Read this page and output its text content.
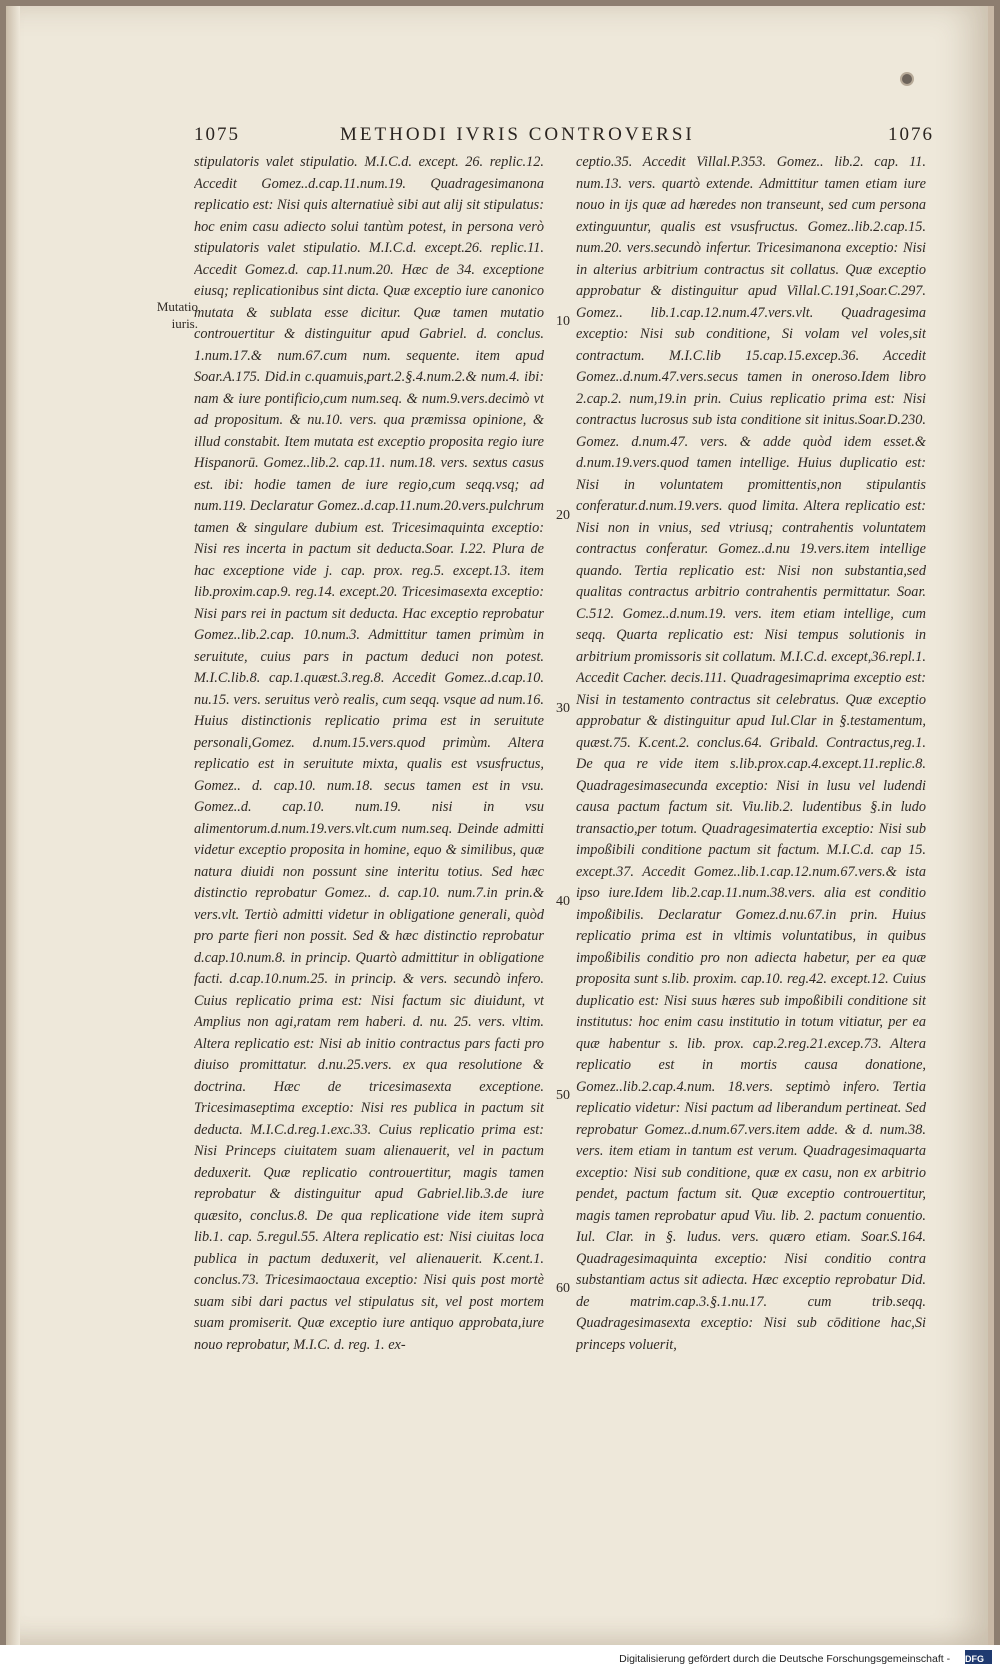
1075	METHODI IVRIS CONTROVERSI	1076
Mutatio iuris.
stipulatoris valet stipulatio. M.I.C.d. except. 26. replic.12. Accedit Gomez..d.cap.11.num.19. Quadragesimanona replicatio est: Nisi quis alternatiuè sibi aut alij sit stipulatus: hoc enim casu adiecto solui tantùm potest, in persona verò stipulatoris valet stipulatio. M.I.C.d. except.26. replic.11. Accedit Gomez.d. cap.11.num.20. Hæc de 34. exceptione eiusq; replicationibus sint dicta. Quæ exceptio iure canonico mutata & sublata esse dicitur. Quæ tamen mutatio controuertitur & distinguitur apud Gabriel. d. conclus. 1.num.17.& num.67.cum num. sequente. item apud Soar.A.175. Did.in c.quamuis,part.2.§.4.num.2.& num.4. ibi: nam & iure pontificio,cum num.seq. & num.9.vers.decimò vt ad propositum. & nu.10. vers. qua præmissa opinione, & illud constabit. Item mutata est exceptio proposita regio iure Hispanorū. Gomez..lib.2. cap.11. num.18. vers. sextus casus est. ibi: hodie tamen de iure regio,cum seqq.vsq; ad num.119. Declaratur Gomez..d.cap.11.num.20.vers.pulchrum tamen & singulare dubium est. Tricesimaquinta exceptio: Nisi res incerta in pactum sit deducta.Soar. I.22. Plura de hac exceptione vide j. cap. prox. reg.5. except.13. item lib.proxim.cap.9. reg.14. except.20. Tricesimasexta exceptio: Nisi pars rei in pactum sit deducta. Hac exceptio reprobatur Gomez..lib.2.cap. 10.num.3. Admittitur tamen primùm in seruitute, cuius pars in pactum deduci non potest. M.I.C.lib.8. cap.1.quæst.3.reg.8. Accedit Gomez..d.cap.10. nu.15. vers. seruitus verò realis, cum seqq. vsque ad num.16. Huius distinctionis replicatio prima est in seruitute personali,Gomez. d.num.15.vers.quod primùm. Altera replicatio est in seruitute mixta, qualis est vsusfructus, Gomez.. d. cap.10. num.18. secus tamen est in vsu. Gomez..d. cap.10. num.19. nisi in vsu alimentorum.d.num.19.vers.vlt.cum num.seq. Deinde admitti videtur exceptio proposita in homine, equo & similibus, quæ natura diuidi non possunt sine interitu totius. Sed hæc distinctio reprobatur Gomez.. d. cap.10. num.7.in prin.& vers.vlt. Tertiò admitti videtur in obligatione generali, quòd pro parte fieri non possit. Sed & hæc distinctio reprobatur d.cap.10.num.8. in princip. Quartò admittitur in obligatione facti. d.cap.10.num.25. in princip. & vers. secundò infero. Cuius replicatio prima est: Nisi factum sic diuidunt, vt Amplius non agi,ratam rem haberi. d. nu. 25. vers. vltim. Altera replicatio est: Nisi ab initio contractus pars facti pro diuiso promittatur. d.nu.25.vers. ex qua resolutione & doctrina. Hæc de tricesimasexta exceptione. Tricesimaseptima exceptio: Nisi res publica in pactum sit deducta. M.I.C.d.reg.1.exc.33. Cuius replicatio prima est: Nisi Princeps ciuitatem suam alienauerit, vel in pactum deduxerit. Quæ replicatio controuertitur, magis tamen reprobatur & distinguitur apud Gabriel.lib.3.de iure quæsito, conclus.8. De qua replicatione vide item suprà lib.1. cap. 5.regul.55. Altera replicatio est: Nisi ciuitas loca publica in pactum deduxerit, vel alienauerit. K.cent.1. conclus.73. Tricesimaoctaua exceptio: Nisi quis post mortè suam sibi dari pactus vel stipulatus sit, vel post mortem suam promiserit. Quæ exceptio iure antiquo approbata,iure nouo reprobatur, M.I.C. d. reg. 1. ex-
10
20
30
40
50
60
ceptio.35. Accedit Villal.P.353. Gomez.. lib.2. cap. 11. num.13. vers. quartò extende. Admittitur tamen etiam iure nouo in ijs quæ ad hæredes non transeunt, sed cum persona extinguuntur, qualis est vsusfructus. Gomez..lib.2.cap.15. num.20. vers.secundò infertur. Tricesimanona exceptio: Nisi in alterius arbitrium contractus sit collatus. Quæ exceptio approbatur & distinguitur apud Villal.C.191,Soar.C.297. Gomez.. lib.1.cap.12.num.47.vers.vlt. Quadragesima exceptio: Nisi sub conditione, Si volam vel voles,sit contractum. M.I.C.lib 15.cap.15.excep.36. Accedit Gomez..d.num.47.vers.secus tamen in oneroso.Idem libro 2.cap.2. num,19.in prin. Cuius replicatio prima est: Nisi contractus lucrosus sub ista conditione sit initus.Soar.D.230. Gomez. d.num.47. vers. & adde quòd idem esset.& d.num.19.vers.quod tamen intellige. Huius duplicatio est: Nisi in voluntatem promittentis,non stipulantis conferatur.d.num.19.vers. quod limita. Altera replicatio est: Nisi non in vnius, sed vtriusq; contrahentis voluntatem contractus conferatur. Gomez..d.nu 19.vers.item intellige quando. Tertia replicatio est: Nisi non substantia,sed qualitas contractus arbitrio contrahentis permittatur. Soar. C.512. Gomez..d.num.19. vers. item etiam intellige, cum seqq. Quarta replicatio est: Nisi tempus solutionis in arbitrium promissoris sit collatum. M.I.C.d. except,36.repl.1. Accedit Cacher. decis.111. Quadragesimaprima exceptio est: Nisi in testamento contractus sit celebratus. Quæ exceptio approbatur & distinguitur apud Iul.Clar in §.testamentum, quæst.75. K.cent.2. conclus.64. Gribald. Contractus,reg.1. De qua re vide item s.lib.prox.cap.4.except.11.replic.8. Quadragesimasecunda exceptio: Nisi in lusu vel ludendi causa pactum factum sit. Viu.lib.2. ludentibus §.in ludo transactio,per totum. Quadragesimatertia exceptio: Nisi sub impoßibili conditione pactum sit factum. M.I.C.d. cap 15. except.37. Accedit Gomez..lib.1.cap.12.num.67.vers.& ista ipso iure.Idem lib.2.cap.11.num.38.vers. alia est conditio impoßibilis. Declaratur Gomez.d.nu.67.in prin. Huius replicatio prima est in vltimis voluntatibus, in quibus impoßibilis conditio pro non adiecta habetur, per ea quæ proposita sunt s.lib. proxim. cap.10. reg.42. except.12. Cuius duplicatio est: Nisi suus hæres sub impoßibili conditione sit institutus: hoc enim casu institutio in totum vitiatur, per ea quæ habentur s. lib. prox. cap.2.reg.21.excep.73. Altera replicatio est in mortis causa donatione, Gomez..lib.2.cap.4.num. 18.vers. septimò infero. Tertia replicatio videtur: Nisi pactum ad liberandum pertineat. Sed reprobatur Gomez..d.num.67.vers.item adde. & d. num.38. vers. item etiam in tantum est verum. Quadragesimaquarta exceptio: Nisi sub conditione, quæ ex casu, non ex arbitrio pendet, pactum factum sit. Quæ exceptio controuertitur, magis tamen reprobatur apud Viu. lib. 2. pactum conuentio. Iul. Clar. in §. ludus. vers. quæro etiam. Soar.S.164. Quadragesimaquinta exceptio: Nisi conditio contra substantiam actus sit adiecta. Hæc exceptio reprobatur Did. de matrim.cap.3.§.1.nu.17. cum trib.seqq. Quadragesimasexta exceptio: Nisi sub cōditione hac,Si princeps voluerit,
Digitalisierung gefördert durch die Deutsche Forschungsgemeinschaft - DFG
